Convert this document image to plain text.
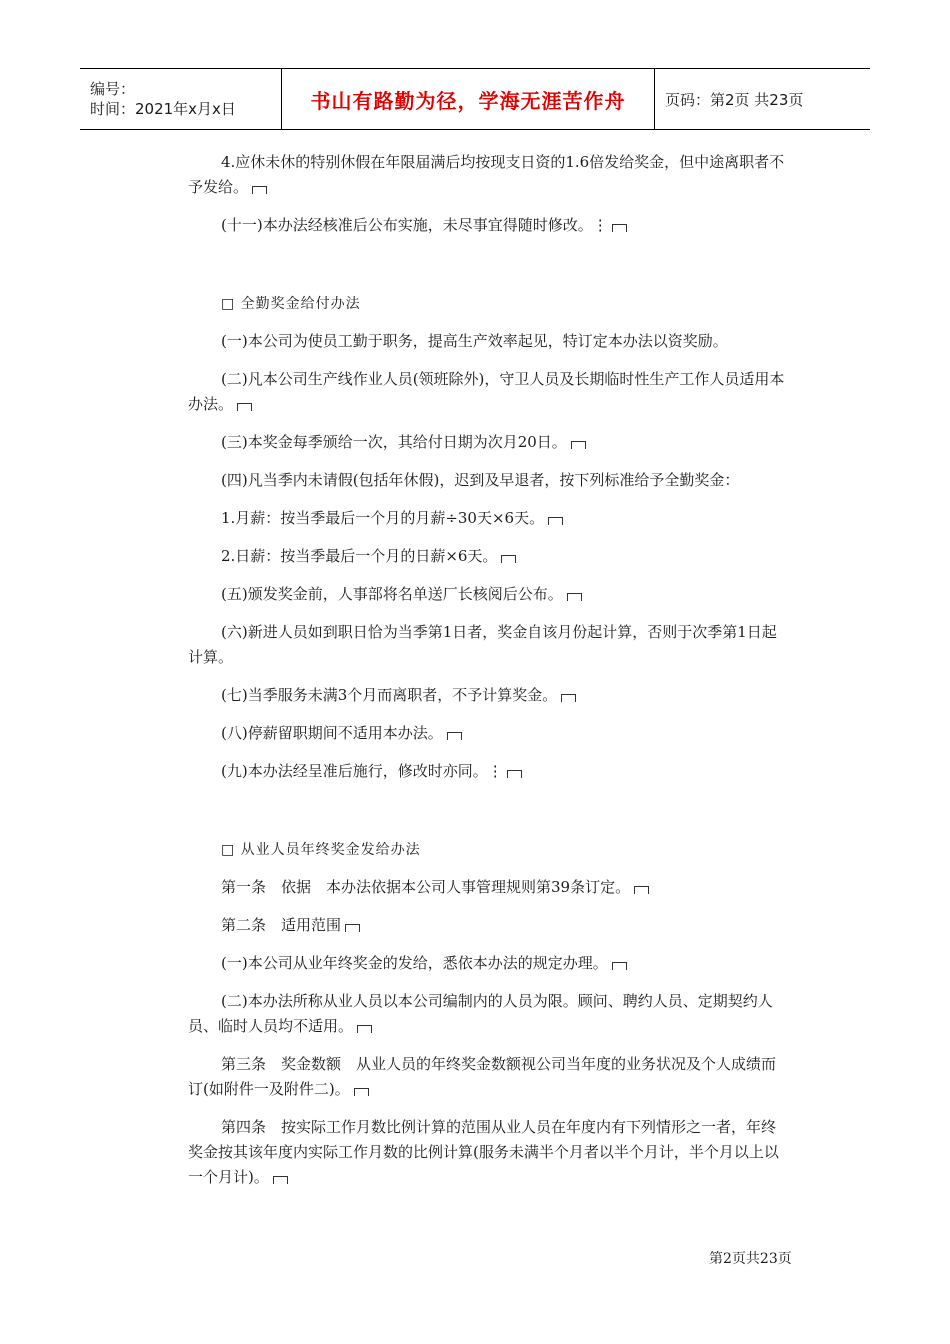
编号：
时间：2021年x月x日	书山有路勤为径，学海无涯苦作舟	页码：第2页 共23页

4.应休未休的特别休假在年限届满后均按现支日资的1.6倍发给奖金，但中途离职者不予发给。

(十一)本办法经核准后公布实施，未尽事宜得随时修改。⋮

□ 全勤奖金给付办法

(一)本公司为使员工勤于职务，提高生产效率起见，特订定本办法以资奖励。

(二)凡本公司生产线作业人员(领班除外)，守卫人员及长期临时性生产工作人员适用本办法。

(三)本奖金每季颁给一次，其给付日期为次月20日。

(四)凡当季内未请假(包括年休假)，迟到及早退者，按下列标准给予全勤奖金：

1.月薪：按当季最后一个月的月薪÷30天×6天。

2.日薪：按当季最后一个月的日薪×6天。

(五)颁发奖金前，人事部将名单送厂长核阅后公布。

(六)新进人员如到职日恰为当季第1日者，奖金自该月份起计算，否则于次季第1日起计算。

(七)当季服务未满3个月而离职者，不予计算奖金。

(八)停薪留职期间不适用本办法。

(九)本办法经呈准后施行，修改时亦同。⋮

□ 从业人员年终奖金发给办法

第一条　依据　本办法依据本公司人事管理规则第39条订定。

第二条　适用范围

(一)本公司从业年终奖金的发给，悉依本办法的规定办理。

(二)本办法所称从业人员以本公司编制内的人员为限。顾问、聘约人员、定期契约人员、临时人员均不适用。

第三条　奖金数额　从业人员的年终奖金数额视公司当年度的业务状况及个人成绩而订(如附件一及附件二)。

第四条　按实际工作月数比例计算的范围从业人员在年度内有下列情形之一者，年终奖金按其该年度内实际工作月数的比例计算(服务未满半个月者以半个月计，半个月以上以一个月计)。

第2页共23页
